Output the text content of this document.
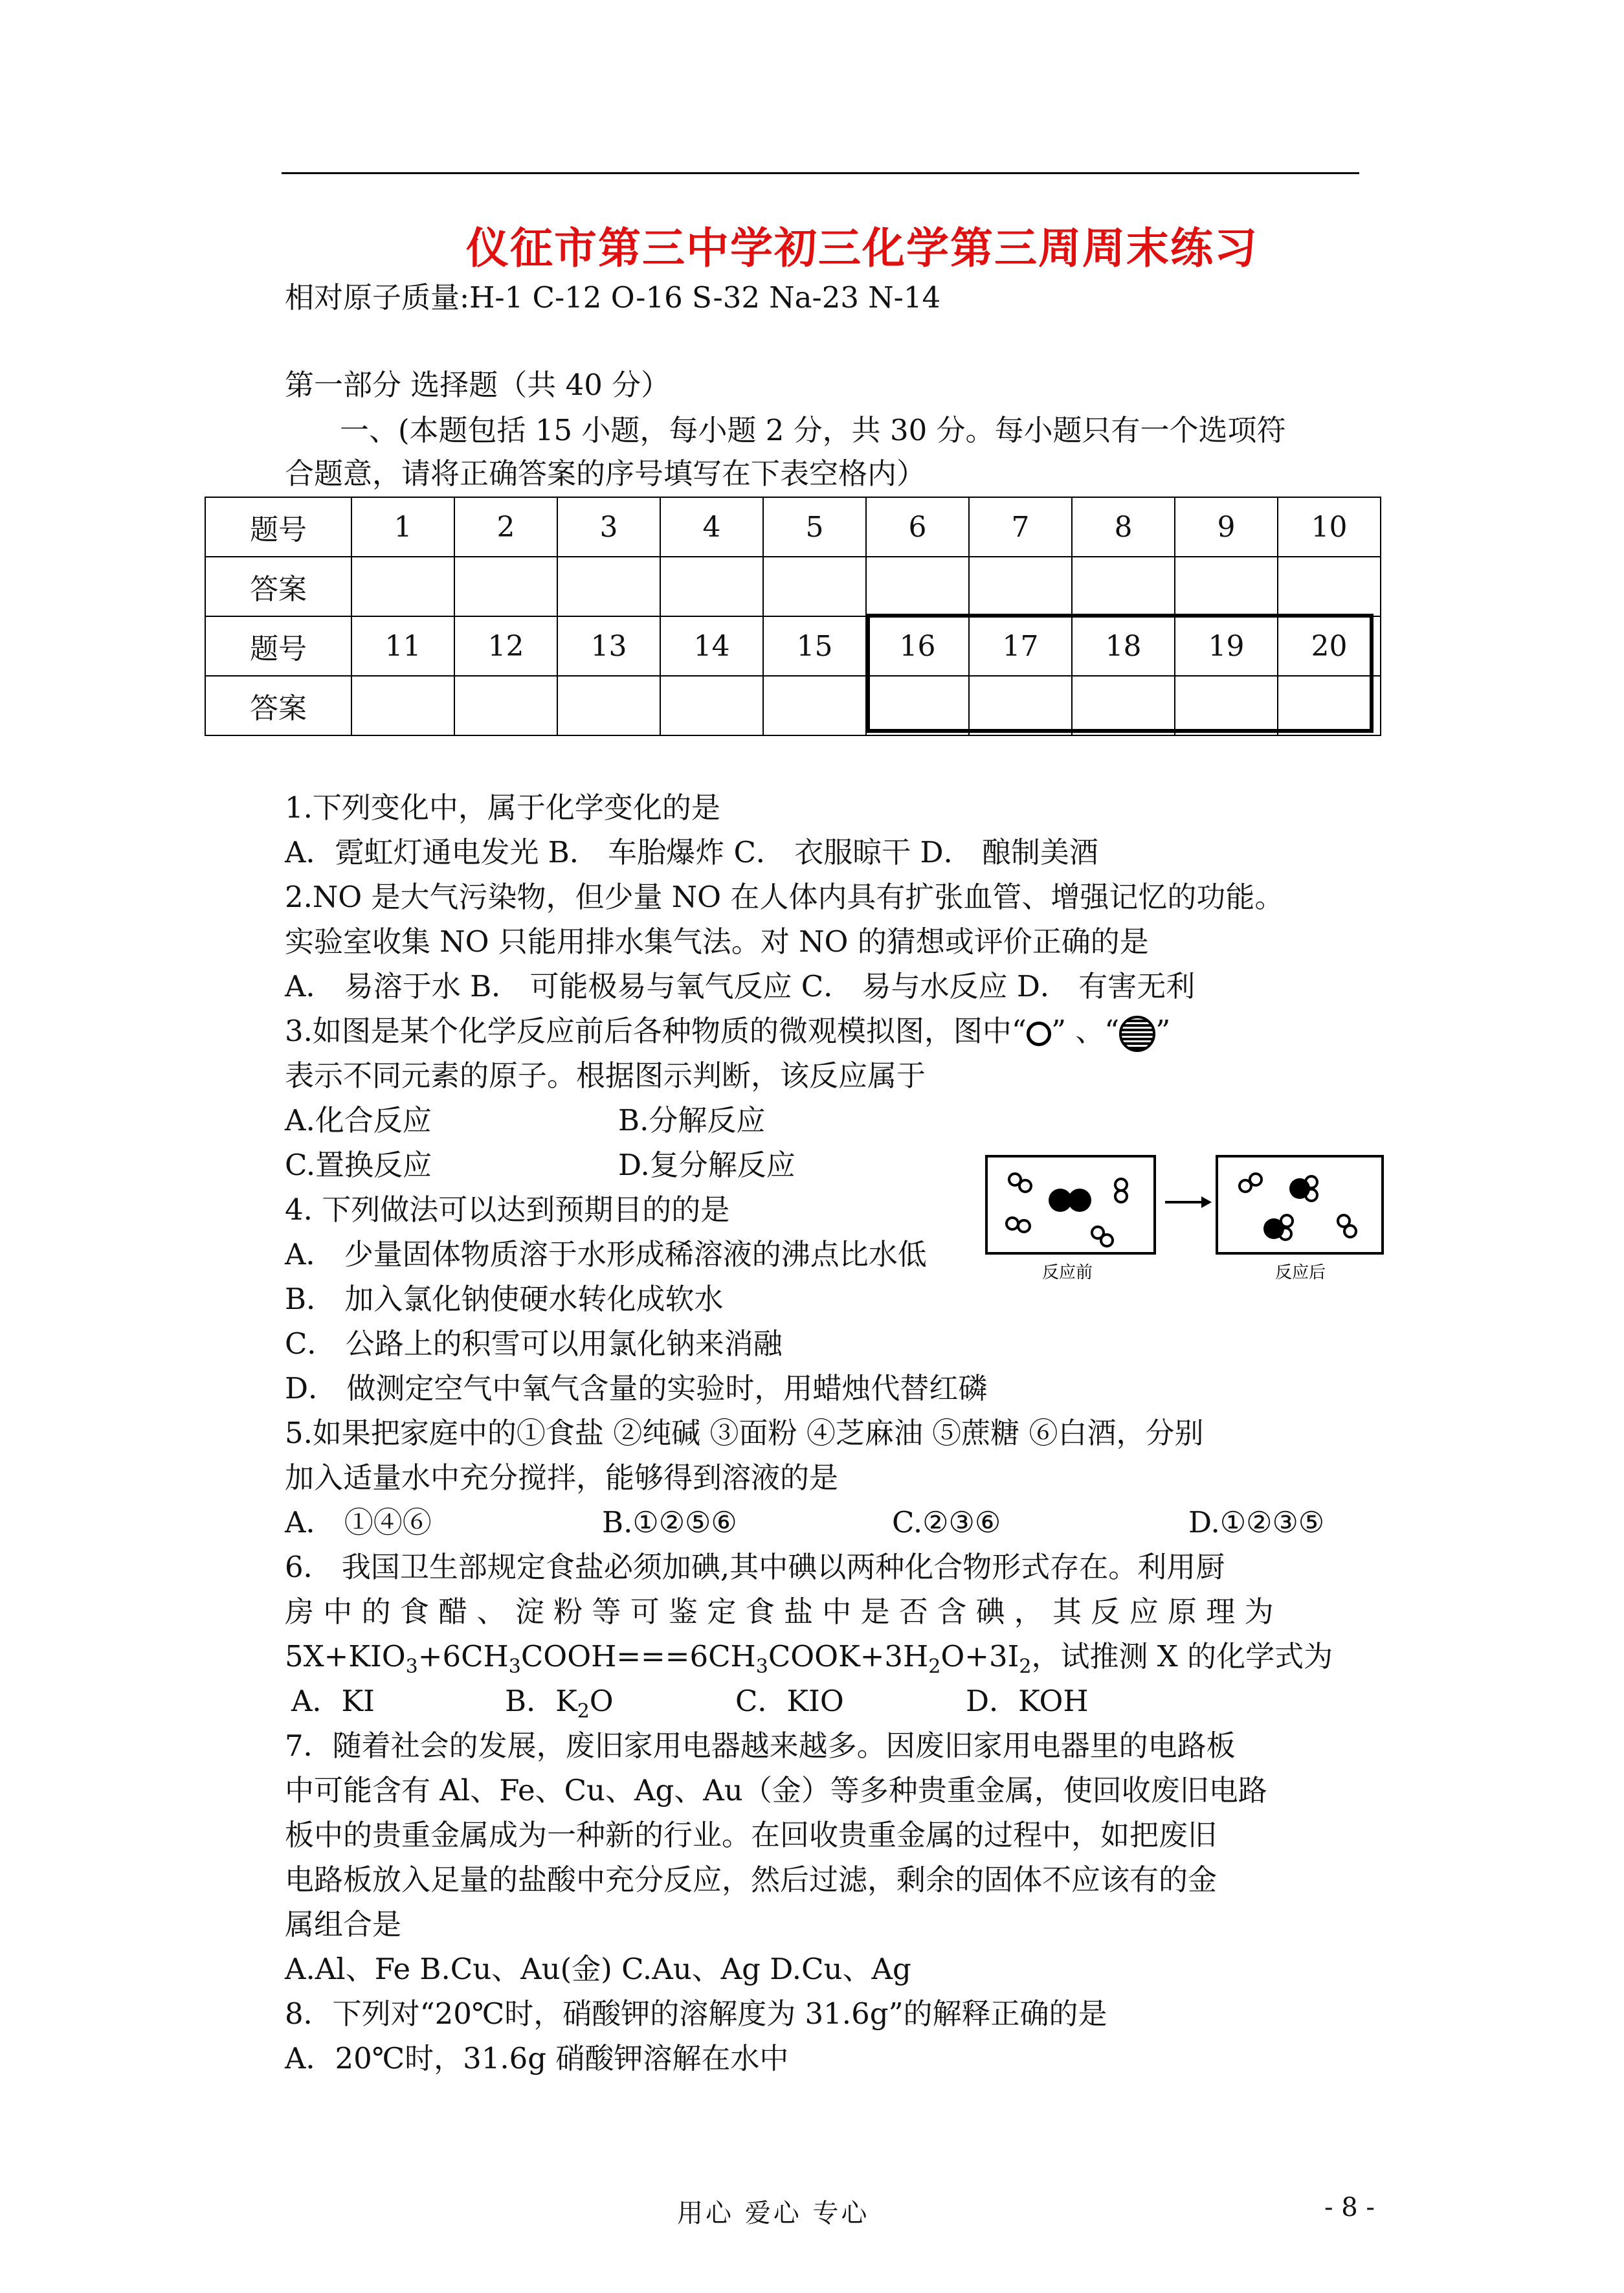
仪征市第三中学初三化学第三周周末练习
相对原子质量:H-1 C-12 O-16 S-32 Na-23 N-14
第一部分 选择题（共 40 分）
一、(本题包括 15 小题，每小题 2 分，共 30 分。每小题只有一个选项符
合题意，请将正确答案的序号填写在下表空格内）
题号	1	2	3	4	5	6	7	8	9	10
答案										
题号	11	12	13	14	15	16	17	18	19	20
答案										
1.下列变化中，属于化学变化的是
A．霓虹灯通电发光 B． 车胎爆炸 C． 衣服晾干 D． 酿制美酒
2.NO 是大气污染物，但少量 NO 在人体内具有扩张血管、增强记忆的功能。
实验室收集 NO 只能用排水集气法。对 NO 的猜想或评价正确的是
A． 易溶于水 B． 可能极易与氧气反应 C． 易与水反应 D． 有害无利
3.如图是某个化学反应前后各种物质的微观模拟图，图中“ ” 、“ ”
表示不同元素的原子。根据图示判断，该反应属于
A.化合反应	B.分解反应
C.置换反应	D.复分解反应
反应前	反应后
4. 下列做法可以达到预期目的的是
A． 少量固体物质溶于水形成稀溶液的沸点比水低
B． 加入氯化钠使硬水转化成软水
C． 公路上的积雪可以用氯化钠来消融
D． 做测定空气中氧气含量的实验时，用蜡烛代替红磷
5.如果把家庭中的①食盐 ②纯碱 ③面粉 ④芝麻油 ⑤蔗糖 ⑥白酒，分别
加入适量水中充分搅拌，能够得到溶液的是
A． ①④⑥	B.①②⑤⑥	C.②③⑥	D.①②③⑤
6． 我国卫生部规定食盐必须加碘,其中碘以两种化合物形式存在。利用厨
房 中 的 食 醋 、 淀 粉 等 可 鉴 定 食 盐 中 是 否 含 碘 ， 其 反 应 原 理 为
$5X+KIO_3+6CH_3COOH===6CH_3COOK+3H_2O+3I_2$，试推测 X 的化学式为
A．KI	B．$K_2O$	C．KIO	D．KOH
7．随着社会的发展，废旧家用电器越来越多。因废旧家用电器里的电路板
中可能含有 Al、Fe、Cu、Ag、Au（金）等多种贵重金属，使回收废旧电路
板中的贵重金属成为一种新的行业。在回收贵重金属的过程中，如把废旧
电路板放入足量的盐酸中充分反应，然后过滤，剩余的固体不应该有的金
属组合是
A.Al、Fe B.Cu、Au(金) C.Au、Ag D.Cu、Ag
8．下列对“20℃时，硝酸钾的溶解度为 31.6g”的解释正确的是
A．20℃时，31.6g 硝酸钾溶解在水中
用心 爱心 专心	- 8 -
